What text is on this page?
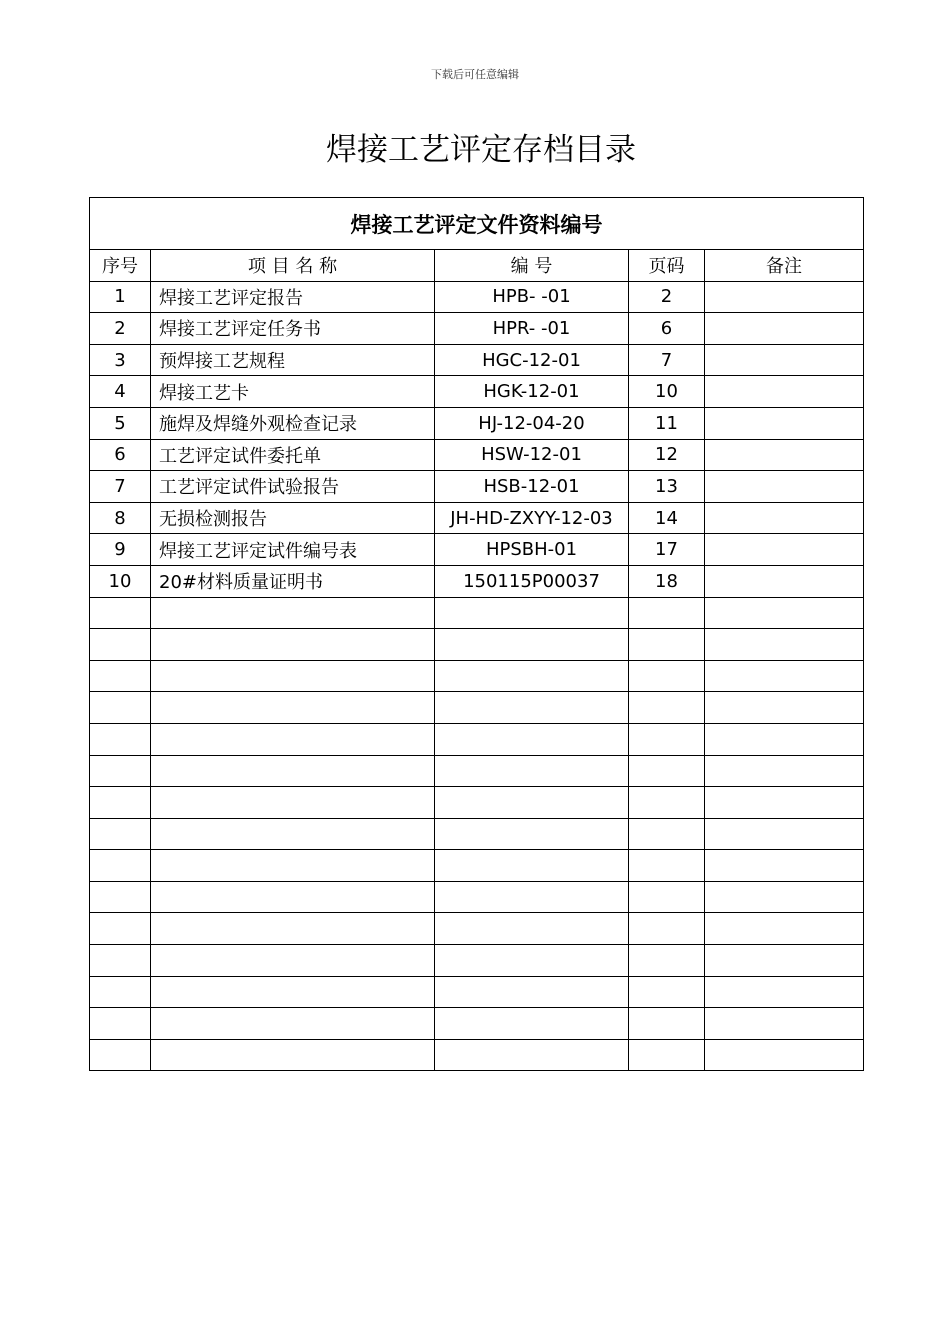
下载后可任意编辑
焊接工艺评定存档目录
焊接工艺评定文件资料编号				
序号	项 目 名 称	编 号	页码	备注
1	焊接工艺评定报告	HPB- -01	2	
2	焊接工艺评定任务书	HPR- -01	6	
3	预焊接工艺规程	HGC-12-01	7	
4	焊接工艺卡	HGK-12-01	10	
5	施焊及焊缝外观检查记录	HJ-12-04-20	11	
6	工艺评定试件委托单	HSW-12-01	12	
7	工艺评定试件试验报告	HSB-12-01	13	
8	无损检测报告	JH-HD-ZXYY-12-03	14	
9	焊接工艺评定试件编号表	HPSBH-01	17	
10	20#材料质量证明书	150115P00037	18	
